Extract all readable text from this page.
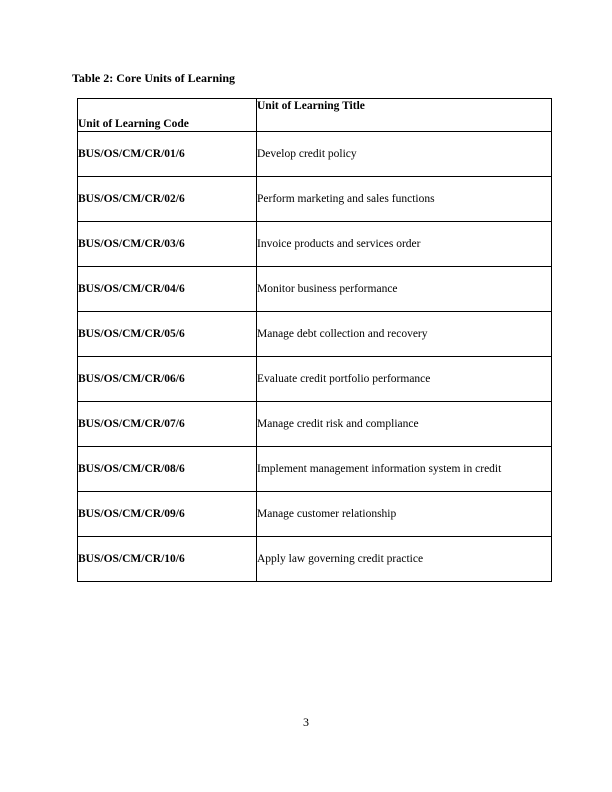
Table 2: Core Units of Learning
Unit of Learning Code	Unit of Learning Title
BUS/OS/CM/CR/01/6	Develop credit policy
BUS/OS/CM/CR/02/6	Perform marketing and sales functions
BUS/OS/CM/CR/03/6	Invoice products and services order
BUS/OS/CM/CR/04/6	Monitor business performance
BUS/OS/CM/CR/05/6	Manage debt collection and recovery
BUS/OS/CM/CR/06/6	Evaluate credit portfolio performance
BUS/OS/CM/CR/07/6	Manage credit risk and compliance
BUS/OS/CM/CR/08/6	Implement management information system in credit
BUS/OS/CM/CR/09/6	Manage customer relationship
BUS/OS/CM/CR/10/6	Apply law governing credit practice
3
